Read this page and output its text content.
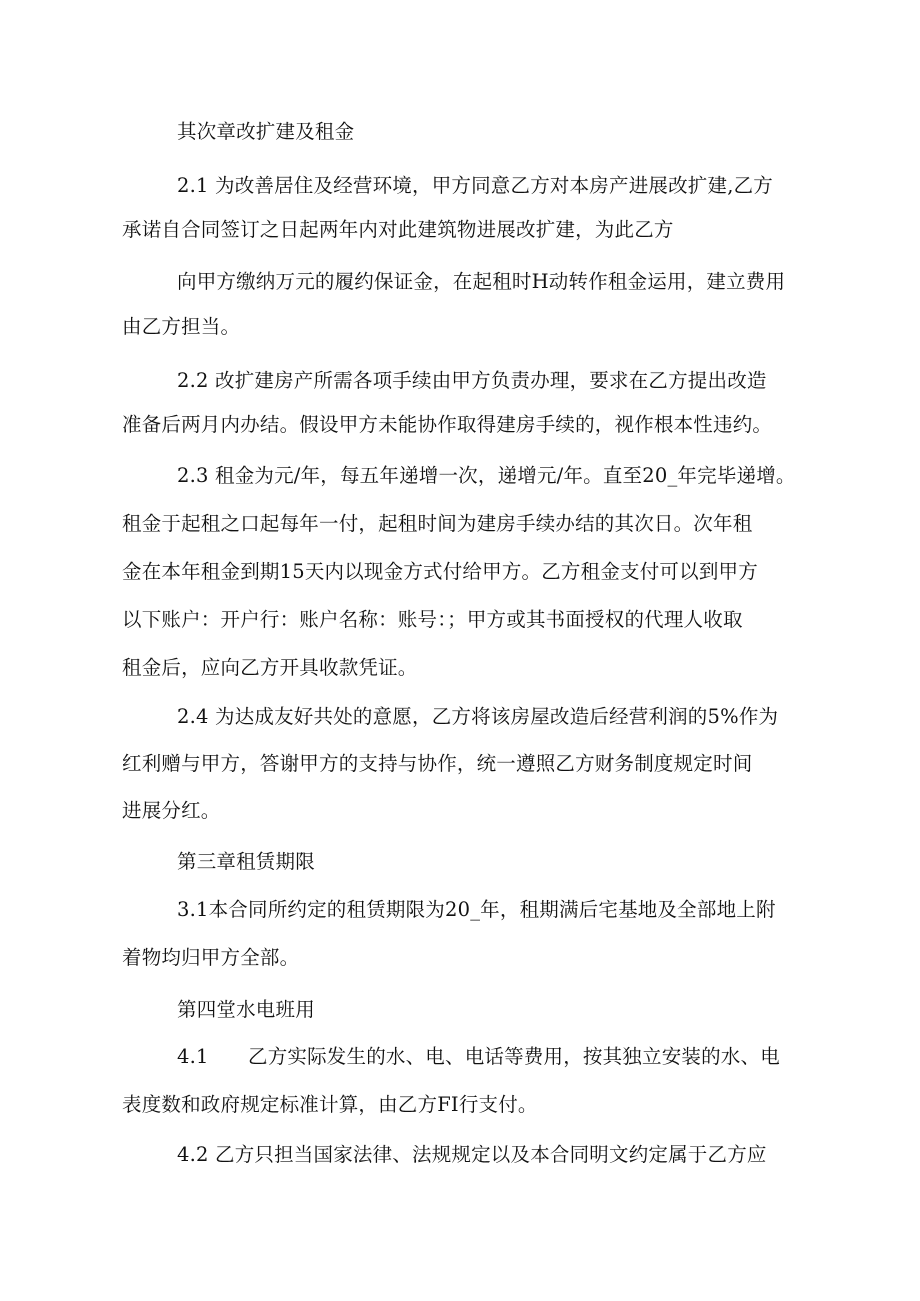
其次章改扩建及租金
2.1 为改善居住及经营环境，甲方同意乙方对本房产进展改扩建,乙方
承诺自合同签订之日起两年内对此建筑物进展改扩建，为此乙方
向甲方缴纳万元的履约保证金，在起租时H动转作租金运用，建立费用
由乙方担当。
2.2 改扩建房产所需各项手续由甲方负责办理，要求在乙方提出改造
准备后两月内办结。假设甲方未能协作取得建房手续的，视作根本性违约。
2.3 租金为元/年，每五年递增一次，递增元/年。直至20_年完毕递增。
租金于起租之口起每年一付，起租时间为建房手续办结的其次日。次年租
金在本年租金到期15天内以现金方式付给甲方。乙方租金支付可以到甲方
以下账户：开户行：账户名称：账号：；甲方或其书面授权的代理人收取
租金后，应向乙方开具收款凭证。
2.4 为达成友好共处的意愿，乙方将该房屋改造后经营利润的5%作为
红利赠与甲方，答谢甲方的支持与协作，统一遵照乙方财务制度规定时间
进展分红。
第三章租赁期限
3.1本合同所约定的租赁期限为20_年，租期满后宅基地及全部地上附
着物均归甲方全部。
第四堂水电班用
4.1　　乙方实际发生的水、电、电话等费用，按其独立安装的水、电
表度数和政府规定标准计算，由乙方FI行支付。
4.2 乙方只担当国家法律、法规规定以及本合同明文约定属于乙方应
